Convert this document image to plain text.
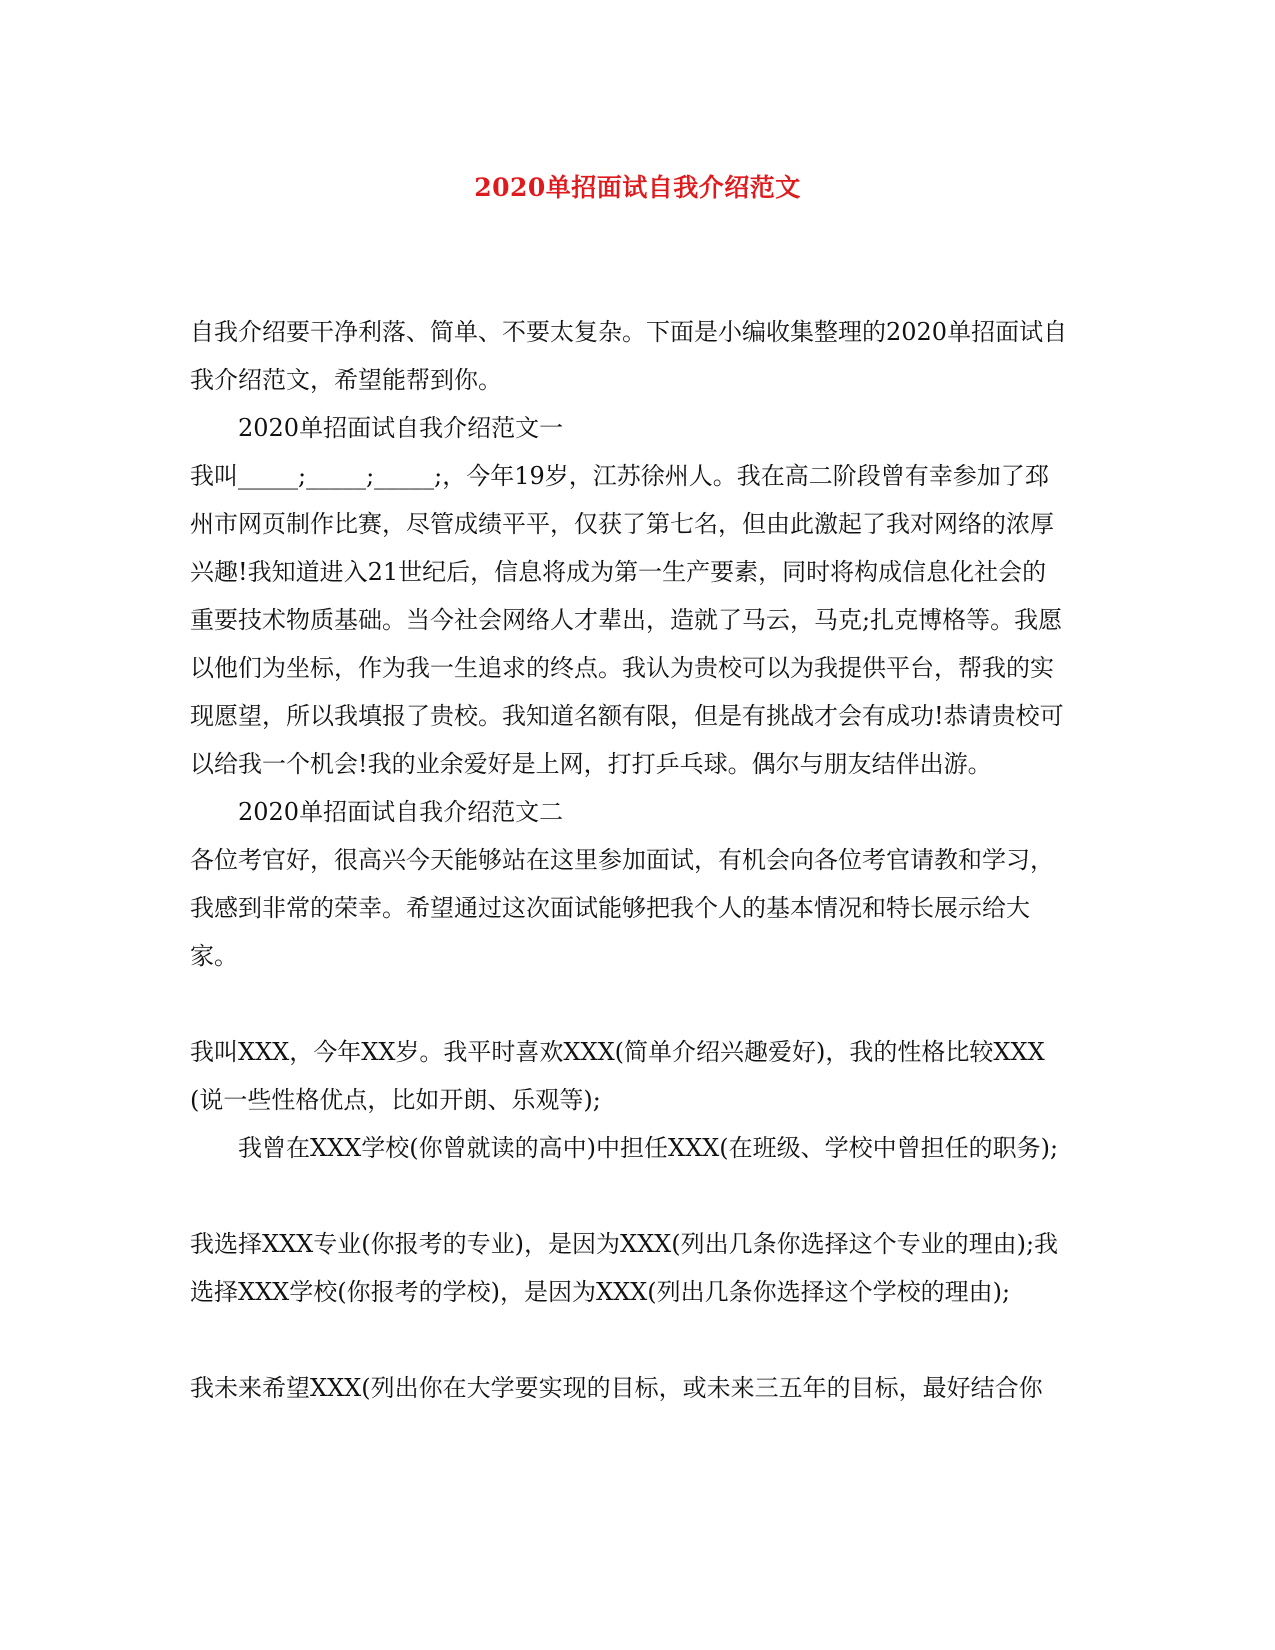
2020单招面试自我介绍范文

自我介绍要干净利落、简单、不要太复杂。下面是小编收集整理的2020单招面试自我介绍范文，希望能帮到你。

2020单招面试自我介绍范文一

我叫_____;_____;_____;，今年19岁，江苏徐州人。我在高二阶段曾有幸参加了邳州市网页制作比赛，尽管成绩平平，仅获了第七名，但由此激起了我对网络的浓厚兴趣!我知道进入21世纪后，信息将成为第一生产要素，同时将构成信息化社会的重要技术物质基础。当今社会网络人才辈出，造就了马云，马克;扎克博格等。我愿以他们为坐标，作为我一生追求的终点。我认为贵校可以为我提供平台，帮我的实现愿望，所以我填报了贵校。我知道名额有限，但是有挑战才会有成功!恭请贵校可以给我一个机会!我的业余爱好是上网，打打乒乓球。偶尔与朋友结伴出游。

2020单招面试自我介绍范文二

各位考官好，很高兴今天能够站在这里参加面试，有机会向各位考官请教和学习，我感到非常的荣幸。希望通过这次面试能够把我个人的基本情况和特长展示给大家。

我叫XXX，今年XX岁。我平时喜欢XXX(简单介绍兴趣爱好)，我的性格比较XXX(说一些性格优点，比如开朗、乐观等);

我曾在XXX学校(你曾就读的高中)中担任XXX(在班级、学校中曾担任的职务);

我选择XXX专业(你报考的专业)，是因为XXX(列出几条你选择这个专业的理由);我选择XXX学校(你报考的学校)，是因为XXX(列出几条你选择这个学校的理由);

我未来希望XXX(列出你在大学要实现的目标，或未来三五年的目标，最好结合你
